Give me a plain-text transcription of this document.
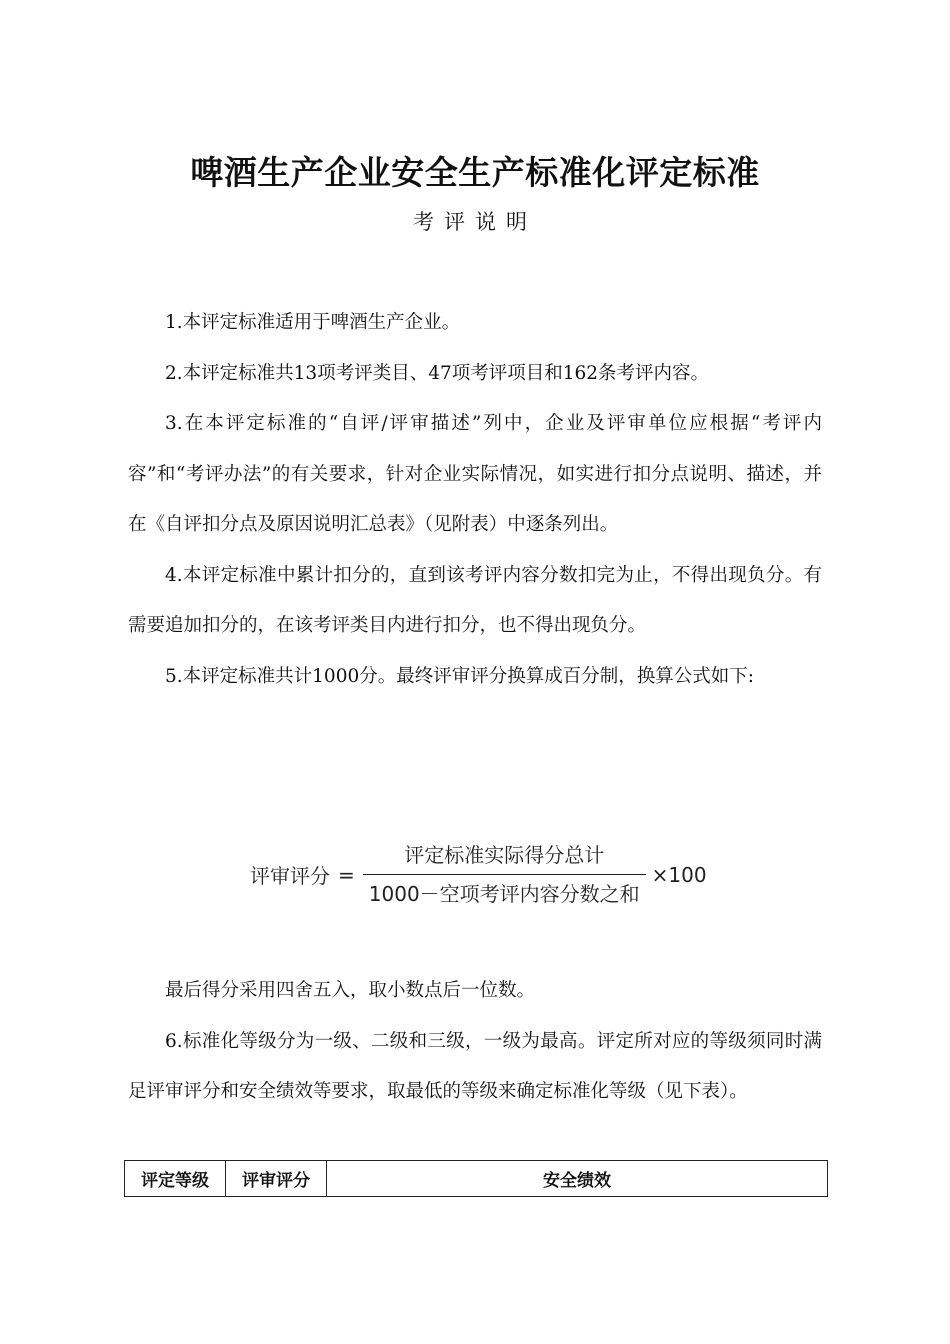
啤酒生产企业安全生产标准化评定标准
考评说明

1.本评定标准适用于啤酒生产企业。

2.本评定标准共13项考评类目、47项考评项目和162条考评内容。

3.在本评定标准的“自评/评审描述”列中，企业及评审单位应根据“考评内容”和“考评办法”的有关要求，针对企业实际情况，如实进行扣分点说明、描述，并在《自评扣分点及原因说明汇总表》（见附表）中逐条列出。

4.本评定标准中累计扣分的，直到该考评内容分数扣完为止，不得出现负分。有需要追加扣分的，在该考评类目内进行扣分，也不得出现负分。

5.本评定标准共计1000分。最终评审评分换算成百分制，换算公式如下:

评审评分 = $\frac{\text{评定标准实际得分总计}}{\text{1000－空项考评内容分数之和}} \times 100$

最后得分采用四舍五入，取小数点后一位数。

6.标准化等级分为一级、二级和三级，一级为最高。评定所对应的等级须同时满足评审评分和安全绩效等要求，取最低的等级来确定标准化等级（见下表）。

评定等级	评审评分	安全绩效
